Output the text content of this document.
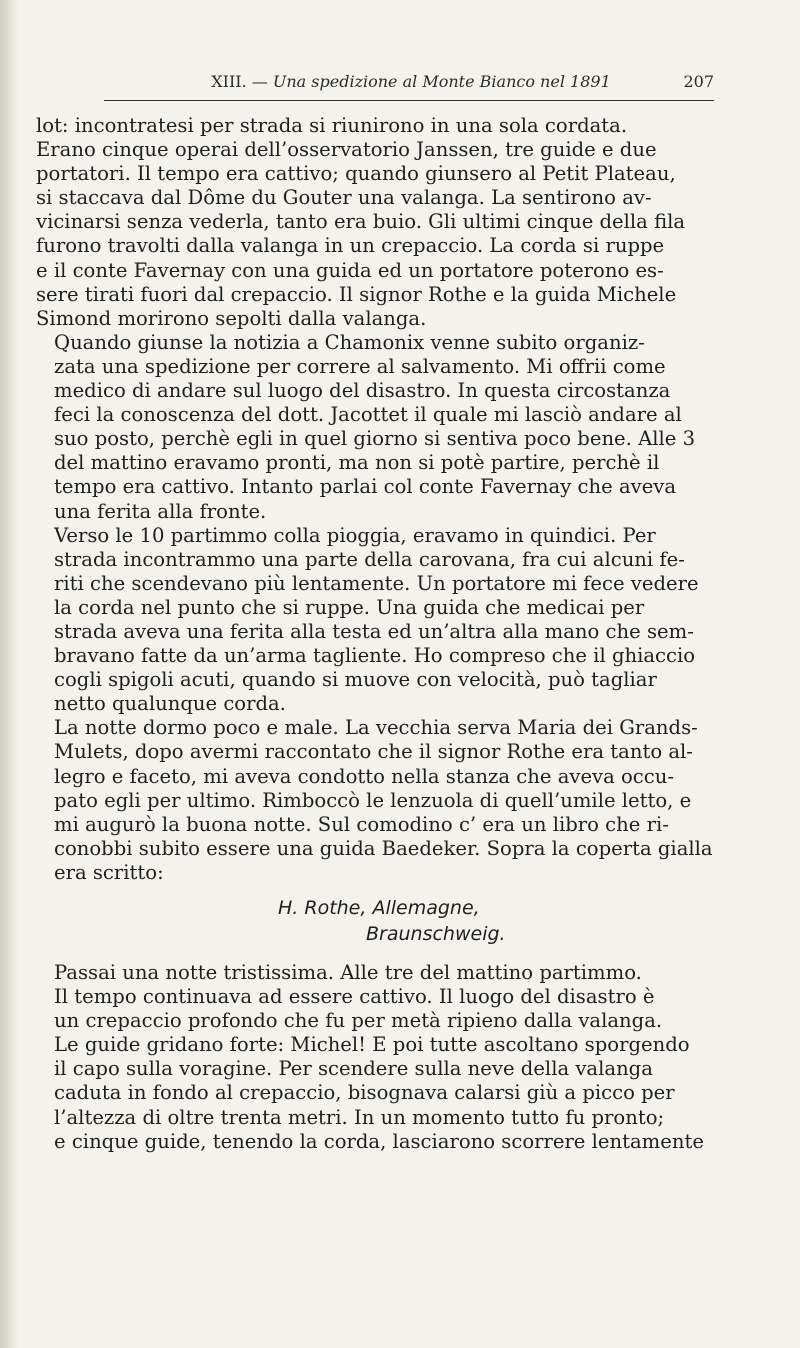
XIII. — Una spedizione al Monte Bianco nel 1891	207

lot: incontratesi per strada si riunirono in una sola cordata.
Erano cinque operai dell’osservatorio Janssen, tre guide e due
portatori. Il tempo era cattivo; quando giunsero al Petit Plateau,
si staccava dal Dôme du Gouter una valanga. La sentirono av-
vicinarsi senza vederla, tanto era buio. Gli ultimi cinque della fila
furono travolti dalla valanga in un crepaccio. La corda si ruppe
e il conte Favernay con una guida ed un portatore poterono es-
sere tirati fuori dal crepaccio. Il signor Rothe e la guida Michele
Simond morirono sepolti dalla valanga.

Quando giunse la notizia a Chamonix venne subito organiz-
zata una spedizione per correre al salvamento. Mi offrii come
medico di andare sul luogo del disastro. In questa circostanza
feci la conoscenza del dott. Jacottet il quale mi lasciò andare al
suo posto, perchè egli in quel giorno si sentiva poco bene. Alle 3
del mattino eravamo pronti, ma non si potè partire, perchè il
tempo era cattivo. Intanto parlai col conte Favernay che aveva
una ferita alla fronte.

Verso le 10 partimmo colla pioggia, eravamo in quindici. Per
strada incontrammo una parte della carovana, fra cui alcuni fe-
riti che scendevano più lentamente. Un portatore mi fece vedere
la corda nel punto che si ruppe. Una guida che medicai per
strada aveva una ferita alla testa ed un’altra alla mano che sem-
bravano fatte da un’arma tagliente. Ho compreso che il ghiaccio
cogli spigoli acuti, quando si muove con velocità, può tagliar
netto qualunque corda.

La notte dormo poco e male. La vecchia serva Maria dei Grands-
Mulets, dopo avermi raccontato che il signor Rothe era tanto al-
legro e faceto, mi aveva condotto nella stanza che aveva occu-
pato egli per ultimo. Rimboccò le lenzuola di quell’umile letto, e
mi augurò la buona notte. Sul comodino c’ era un libro che ri-
conobbi subito essere una guida Baedeker. Sopra la coperta gialla
era scritto:

H. Rothe, Allemagne,
Braunschweig.

Passai una notte tristissima. Alle tre del mattino partimmo.
Il tempo continuava ad essere cattivo. Il luogo del disastro è
un crepaccio profondo che fu per metà ripieno dalla valanga.
Le guide gridano forte: Michel! E poi tutte ascoltano sporgendo
il capo sulla voragine. Per scendere sulla neve della valanga
caduta in fondo al crepaccio, bisognava calarsi giù a picco per
l’altezza di oltre trenta metri. In un momento tutto fu pronto;
e cinque guide, tenendo la corda, lasciarono scorrere lentamente
